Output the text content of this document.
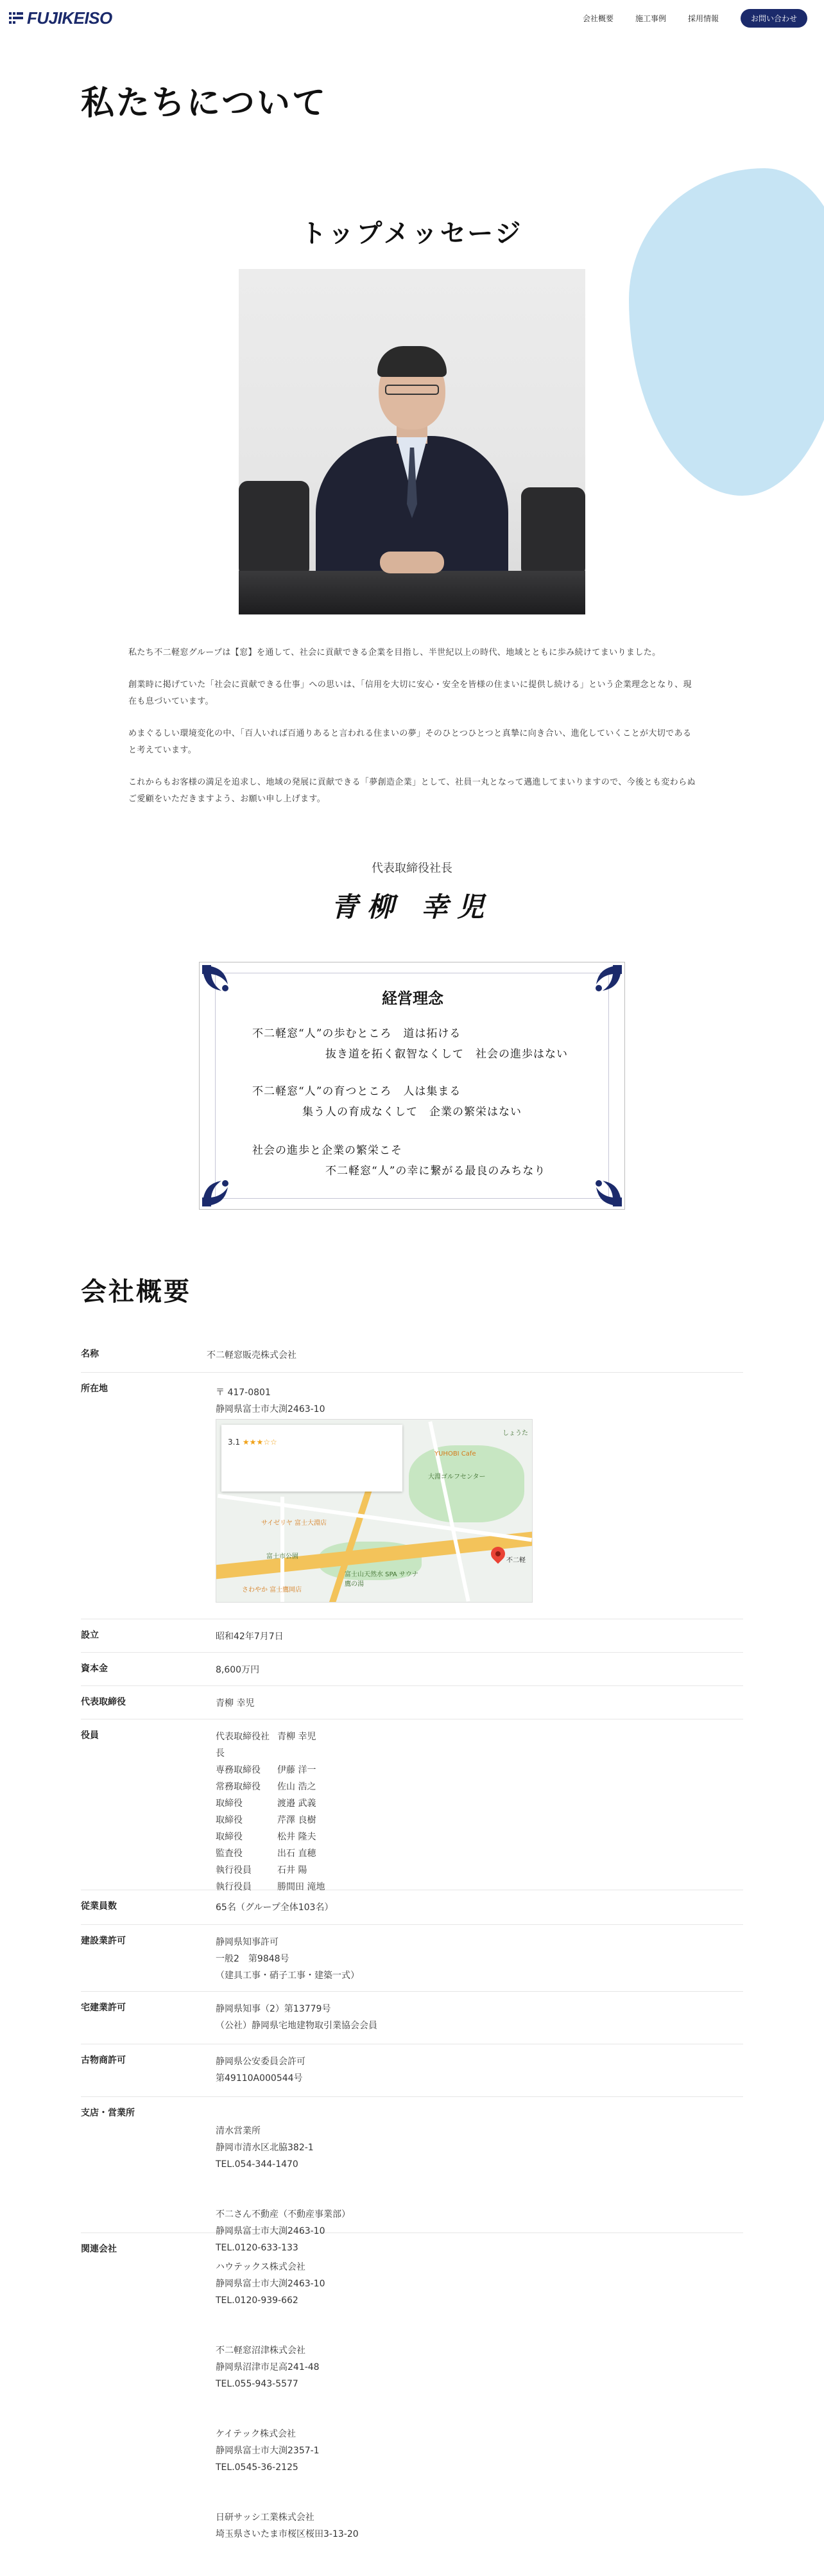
FUJIKEISO	会社概要	施工事例	採用情報	お問い合わせ
私たちについて
トップメッセージ

私たち不二軽窓グループは【窓】を通して、社会に貢献できる企業を目指し、半世紀以上の時代、地域とともに歩み続けてまいりました。

創業時に掲げていた「社会に貢献できる仕事」への思いは、「信用を大切に安心・安全を皆様の住まいに提供し続ける」という企業理念となり、現在も息づいています。

めまぐるしい環境変化の中、「百人いれば百通りあると言われる住まいの夢」そのひとつひとつと真摯に向き合い、進化していくことが大切であると考えています。

これからもお客様の満足を追求し、地域の発展に貢献できる「夢創造企業」として、社員一丸となって邁進してまいりますので、今後とも変わらぬご愛顧をいただきますよう、お願い申し上げます。

代表取締役社長
青柳 幸児
経営理念
不二軽窓“人”の歩むところ　道は拓ける
抜き道を拓く叡智なくして　社会の進歩はない
不二軽窓“人”の育つところ　人は集まる
集う人の育成なくして　企業の繁栄はない
社会の進歩と企業の繁栄こそ
不二軽窓“人”の幸に繋がる最良のみちなり
会社概要
名称	不二軽窓販売株式会社
所在地	〒 417-0801
静岡県富士市大渕2463-10
3.1 ★★★☆☆
YUHOBI Cafe
大淵ゴルフセンター
サイゼリヤ 富士大淵店
富士市公園
富士山天然水 SPA サウナ鷹の湯
さわやか 富士鷹岡店
しょうた
不二軽
設立	昭和42年7月7日
資本金	8,600万円
代表取締役	青柳 幸児
役員	代表取締役社長
青柳 幸児
専務取締役	伊藤 洋一
常務取締役	佐山 浩之
取締役	渡邉 武義
取締役	芹澤 良樹
取締役	松井 隆夫
監査役	出石 直穂
執行役員	石井 陽
執行役員	勝間田 滝地
従業員数	65名（グループ全体103名）
建設業許可	静岡県知事許可
一般2　第9848号
（建具工事・硝子工事・建築一式）
宅建業許可	静岡県知事（2）第13779号
（公社）静岡県宅地建物取引業協会会員
古物商許可	静岡県公安委員会許可
第49110A000544号
支店・営業所

清水営業所
静岡市清水区北脇382-1
TEL.054-344-1470

不二さん不動産（不動産事業部）
静岡県富士市大渕2463-10
TEL.0120-633-133

関連会社

ハウテックス株式会社
静岡県富士市大渕2463-10
TEL.0120-939-662

不二軽窓沼津株式会社
静岡県沼津市足高241-48
TEL.055-943-5577

ケイテック株式会社
静岡県富士市大渕2357-1
TEL.0545-36-2125

日研サッシ工業株式会社
埼玉県さいたま市桜区桜田3-13-20
